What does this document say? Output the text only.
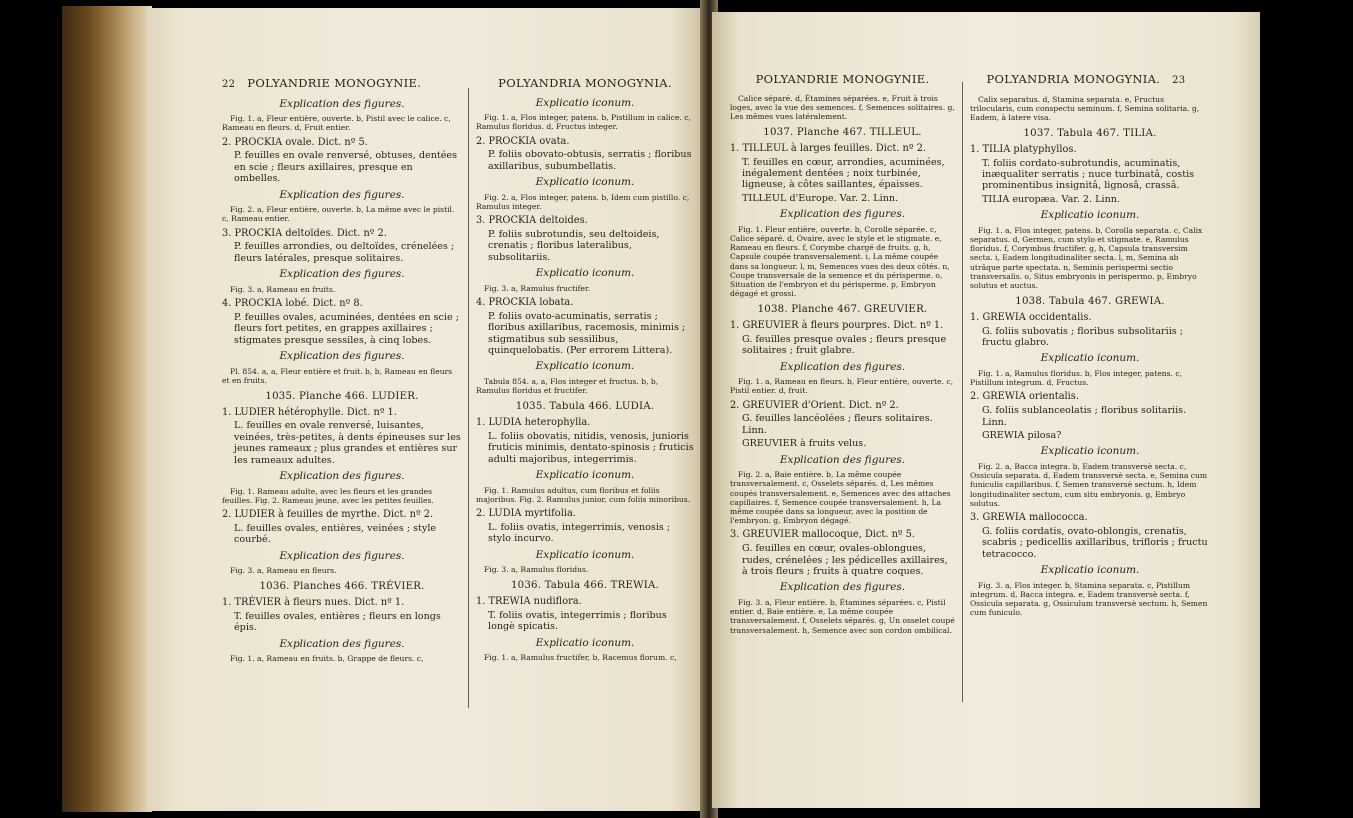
22 POLYANDRIE MONOGYNIE.
Explication des figures.
Fig. 1. a, Fleur entière, ouverte. b, Pistil avec le calice. c, Rameau en fleurs. d, Fruit entier.
2. PROCKIA ovale. Dict. nº 5.
P. feuilles en ovale renversé, obtuses, dentées en scie ; fleurs axillaires, presque en ombelles.
Explication des figures.
Fig. 2. a, Fleur entière, ouverte. b, La même avec le pistil. c, Rameau entier.
3. PROCKIA deltoïdes. Dict. nº 2.
P. feuilles arrondies, ou deltoïdes, crénelées ; fleurs latérales, presque solitaires.
Explication des figures.
Fig. 3. a, Rameau en fruits.
4. PROCKIA lobé. Dict. nº 8.
P. feuilles ovales, acuminées, dentées en scie ; fleurs fort petites, en grappes axillaires ; stigmates presque sessiles, à cinq lobes.
Explication des figures.
Pl. 854. a, a, Fleur entière et fruit. b, b, Rameau en fleurs et en fruits.
1035. Planche 466. LUDIER.
1. LUDIER hétérophylle. Dict. nº 1.
L. feuilles en ovale renversé, luisantes, veinées, très-petites, à dents épineuses sur les jeunes rameaux ; plus grandes et entières sur les rameaux adultes.
Explication des figures.
Fig. 1. Rameau adulte, avec les fleurs et les grandes feuilles. Fig. 2. Rameau jeune, avec les petites feuilles.
2. LUDIER à feuilles de myrthe. Dict. nº 2.
L. feuilles ovales, entières, veinées ; style courbé.
Explication des figures.
Fig. 3. a, Rameau en fleurs.
1036. Planches 466. TRÉVIER.
1. TRÉVIER à fleurs nues. Dict. nº 1.
T. feuilles ovales, entières ; fleurs en longs épis.
Explication des figures.
Fig. 1. a, Rameau en fruits. b, Grappe de fleurs. c,
POLYANDRIA MONOGYNIA.
Explicatio iconum.
Fig. 1. a, Flos integer, patens. b, Pistillum in calice. c, Ramulus floridus. d, Fructus integer.
2. PROCKIA ovata.
P. foliis obovato-obtusis, serratis ; floribus axillaribus, subumbellatis.
Explicatio iconum.
Fig. 2. a, Flos integer, patens. b, Idem cum pistillo. c, Ramulus integer.
3. PROCKIA deltoides.
P. foliis subrotundis, seu deltoideis, crenatis ; floribus lateralibus, subsolitariis.
Explicatio iconum.
Fig. 3. a, Ramulus fructifer.
4. PROCKIA lobata.
P. foliis ovato-acuminatis, serratis ; floribus axillaribus, racemosis, minimis ; stigmatibus sub sessilibus, quinquelobatis. (Per errorem Littera).
Explicatio iconum.
Tabula 854. a, a, Flos integer et fructus. b, b, Ramulus floridus et fructifer.
1035. Tabula 466. LUDIA.
1. LUDIA heterophylla.
L. foliis obovatis, nitidis, venosis, junioris fruticis minimis, dentato-spinosis ; fruticis adulti majoribus, integerrimis.
Explicatio iconum.
Fig. 1. Ramulus adultus, cum floribus et foliis majoribus. Fig. 2. Ramulus junior, cum foliis minoribus.
2. LUDIA myrtifolia.
L. foliis ovatis, integerrimis, venosis ; stylo incurvo.
Explicatio iconum.
Fig. 3. a, Ramulus floridus.
1036. Tabula 466. TREWIA.
1. TREWIA nudiflora.
T. foliis ovatis, integerrimis ; floribus longè spicatis.
Explicatio iconum.
Fig. 1. a, Ramulus fructifer, b, Racemus florum. c,
POLYANDRIE MONOGYNIE.
Calice séparé. d, Étamines séparées. e, Fruit à trois loges, avec la vue des semences. f, Semences solitaires. g, Les mêmes vues latéralement.
1037. Planche 467. TILLEUL.
1. TILLEUL à larges feuilles. Dict. nº 2.
T. feuilles en cœur, arrondies, acuminées, inégalement dentées ; noix turbinée, ligneuse, à côtes saillantes, épaisses.
TILLEUL d'Europe. Var. 2. Linn.
Explication des figures.
Fig. 1. Fleur entière, ouverte. b, Corolle séparée. c, Calice séparé. d, Ovaire, avec le style et le stigmate. e, Rameau en fleurs. f, Corymbe chargé de fruits. g, h, Capsule coupée transversalement. i, La même coupée dans sa longueur. l, m, Semences vues des deux côtés. n, Coupe transversale de la semence et du périsperme. o, Situation de l'embryon et du périsperme. p, Embryon dégagé et grossi.
1038. Planche 467. GREUVIER.
1. GREUVIER à fleurs pourpres. Dict. nº 1.
G. feuilles presque ovales ; fleurs presque solitaires ; fruit glabre.
Explication des figures.
Fig. 1. a, Rameau en fleurs. b, Fleur entière, ouverte. c, Pistil entier. d, fruit.
2. GREUVIER d'Orient. Dict. nº 2.
G. feuilles lancéolées ; fleurs solitaires. Linn.
GREUVIER à fruits velus.
Explication des figures.
Fig. 2. a, Baie entière. b, La même coupée transversalement. c, Osselets séparés. d, Les mêmes coupés transversalement. e, Semences avec des attaches capillaires. f, Semence coupée transversalement. h, La même coupée dans sa longueur, avec la position de l'embryon. g, Embryon dégagé.
3. GREUVIER mallocoque, Dict. nº 5.
G. feuilles en cœur, ovales-oblongues, rudes, crénelées ; les pédicelles axillaires, à trois fleurs ; fruits à quatre coques.
Explication des figures.
Fig. 3. a, Fleur entière. b, Étamines séparées. c, Pistil entier. d, Baie entière. e, La même coupée transversalement. f, Osselets séparés. g, Un osselet coupé transversalement. h, Semence avec son cordon ombilical.
POLYANDRIA MONOGYNIA. 23
Calix separatus. d, Stamina separata. e, Fructus trilocularis, cum conspectu seminum. f, Semina solitaria. g, Eadem, à latere visa.
1037. Tabula 467. TILIA.
1. TILIA platyphyllos.
T. foliis cordato-subrotundis, acuminatis, inæqualiter serratis ; nuce turbinatâ, costis prominentibus insignitâ, lignosâ, crassâ.
TILIA europæa. Var. 2. Linn.
Explicatio iconum.
Fig. 1. a, Flos integer, patens. b, Corolla separata. c, Calix separatus. d, Germen, cum stylo et stigmate. e, Ramulus floridus. f, Corymbus fructifer. g, h, Capsula transversim secta. i, Eadem longitudinaliter secta. l, m, Semina ab utrâque parte spectata. n, Seminis perispermi sectio transversalis. o, Situs embryonis in perispermo. p, Embryo solutus et auctus.
1038. Tabula 467. GREWIA.
1. GREWIA occidentalis.
G. foliis subovatis ; floribus subsolitariis ; fructu glabro.
Explicatio iconum.
Fig. 1. a, Ramulus floridus. b, Flos integer, patens. c, Pistillum integrum. d, Fructus.
2. GREWIA orientalis.
G. foliis sublanceolatis ; floribus solitariis. Linn.
GREWIA pilosa?
Explicatio iconum.
Fig. 2. a, Bacca integra. b, Eadem transversè secta. c, Ossicula separata. d, Eadem transversè secta. e, Semina cum funiculis capillaribus. f, Semen transversè sectum. h, Idem longitudinaliter sectum, cum situ embryonis. g, Embryo solutus.
3. GREWIA mallococca.
G. foliis cordatis, ovato-oblongis, crenatis, scabris ; pedicellis axillaribus, trifloris ; fructu tetracocco.
Explicatio iconum.
Fig. 3. a, Flos integer. b, Stamina separata. c, Pistillum integrum. d, Bacca integra. e, Eadem transversè secta. f, Ossicula separata. g, Ossiculum transversè sectum. h, Semen cum funiculo.
